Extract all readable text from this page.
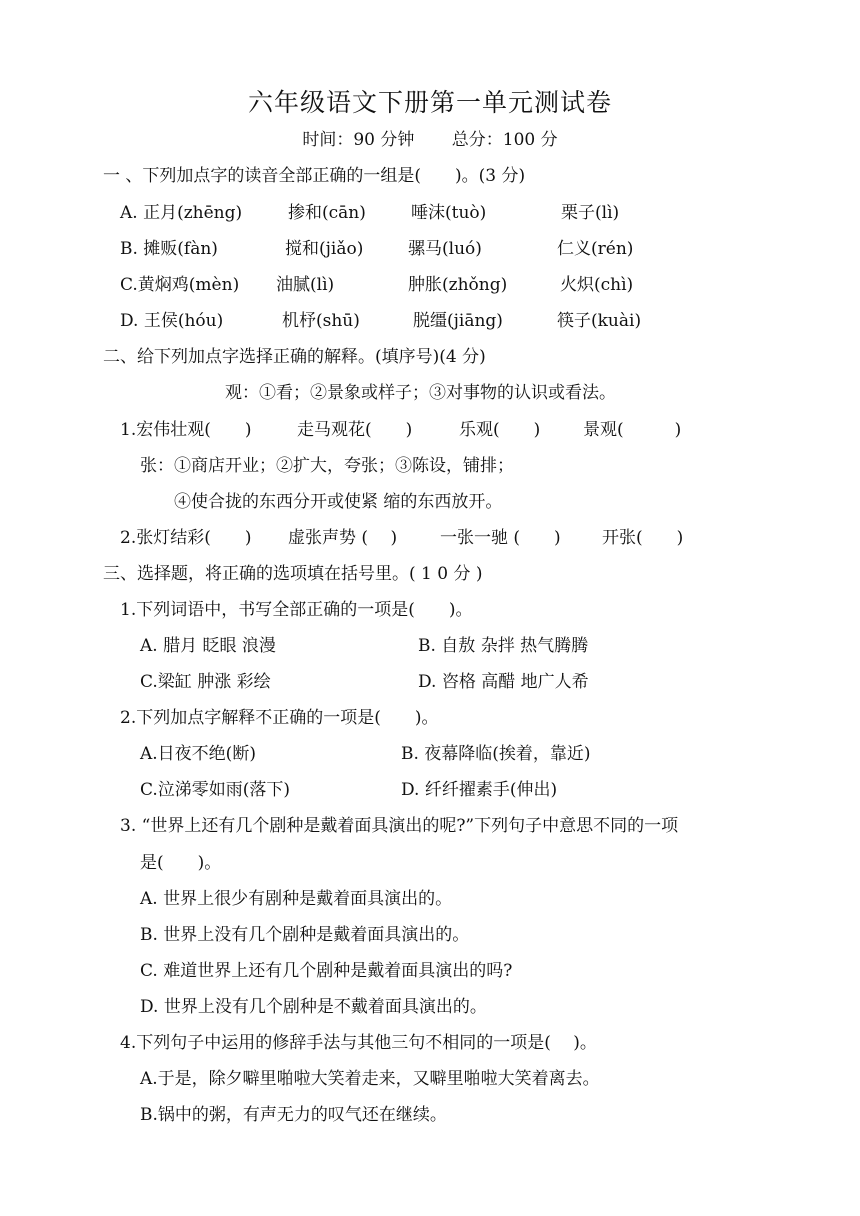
六年级语文下册第一单元测试卷
时间：90 分钟 总分：100 分
一 、下列加点字的读音全部正确的一组是(　　)。(3 分)
A. 正月(zhēng)	掺和(cān)	唾沫(tuò)	栗子(lì)
B. 摊贩(fàn)	搅和(jiǎo)	骡马(luó)	仁义(rén)
C.黄焖鸡(mèn) 油腻(lì)	肿胀(zhǒng)	火炽(chì)
D. 王侯(hóu)	机杼(shū)	脱缰(jiāng)	筷子(kuài)
二、给下列加点字选择正确的解释。(填序号)(4 分)
观：①看；②景象或样子；③对事物的认识或看法。
1.宏伟壮观(　　)	走马观花(　　)	乐观(　　)	景观(　　　)
张：①商店开业；②扩大，夸张；③陈设，铺排；
④使合拢的东西分开或使紧 缩的东西放开。
2.张灯结彩(　　) 虚张声势 (　 )	一张一驰 (　　) 开张(　　)
三、选择题，将正确的选项填在括号里。( 1 0 分 )
1.下列词语中，书写全部正确的一项是(　　)。
A. 腊月 眨眼 浪漫	B. 自敖 杂拌 热气腾腾
C.梁缸 肿涨 彩绘	D. 咨格 高醋 地广人希
2.下列加点字解释不正确的一项是(　　)。
A.日夜不绝(断)	B. 夜幕降临(挨着，靠近)
C.泣涕零如雨(落下)	D. 纤纤擢素手(伸出)
3. “世界上还有几个剧种是戴着面具演出的呢?”下列句子中意思不同的一项
是(　　)。
A. 世界上很少有剧种是戴着面具演出的。
B. 世界上没有几个剧种是戴着面具演出的。
C. 难道世界上还有几个剧种是戴着面具演出的吗?
D. 世界上没有几个剧种是不戴着面具演出的。
4.下列句子中运用的修辞手法与其他三句不相同的一项是(　 )。
A.于是，除夕噼里啪啦大笑着走来，又噼里啪啦大笑着离去。
B.锅中的粥，有声无力的叹气还在继续。
